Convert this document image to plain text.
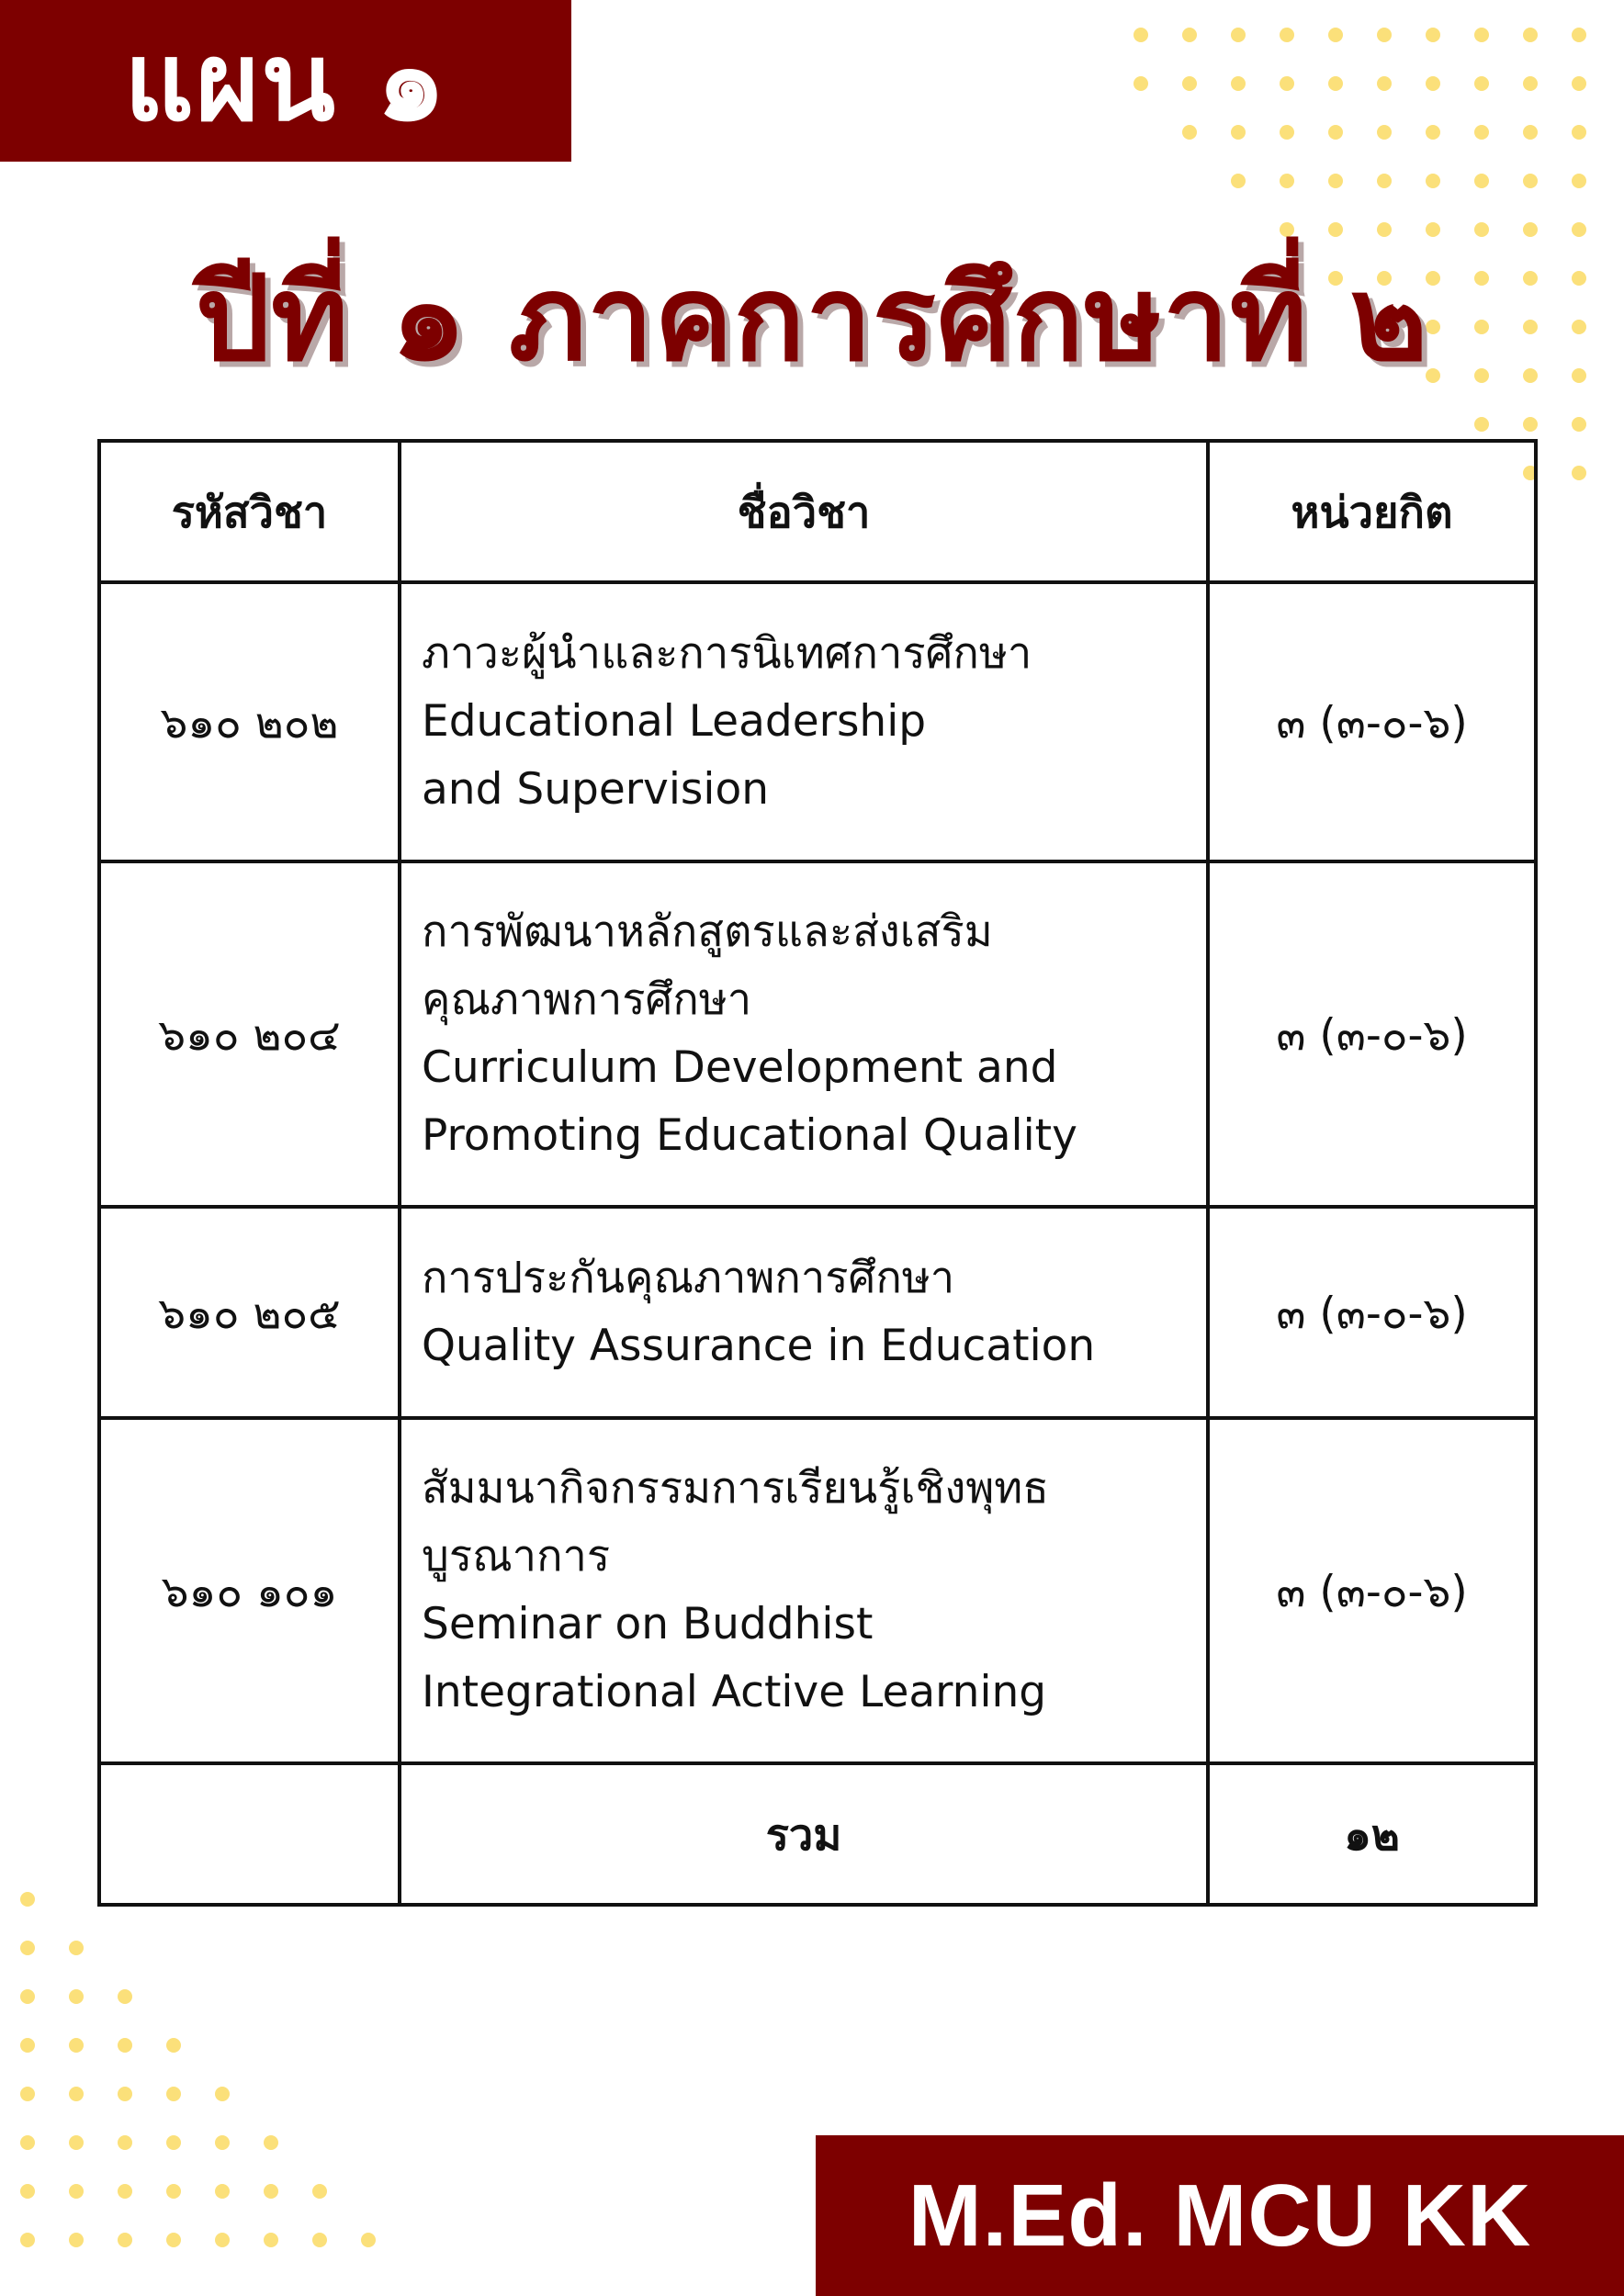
แผน ๑
ปีที่ ๑ ภาคการศึกษาที่ ๒
รหัสวิชา	ชื่อวิชา	หน่วยกิต
๖๑๐ ๒๐๒	ภาวะผู้นำและการนิเทศการศึกษา
Educational Leadership
and Supervision	๓ (๓-๐-๖)
๖๑๐ ๒๐๔	การพัฒนาหลักสูตรและส่งเสริม
คุณภาพการศึกษา
Curriculum Development and
Promoting Educational Quality	๓ (๓-๐-๖)
๖๑๐ ๒๐๕	การประกันคุณภาพการศึกษา
Quality Assurance in Education	๓ (๓-๐-๖)
๖๑๐ ๑๐๑	สัมมนากิจกรรมการเรียนรู้เชิงพุทธ
บูรณาการ
Seminar on Buddhist
Integrational Active Learning	๓ (๓-๐-๖)
	รวม	๑๒
M.Ed. MCU KK
